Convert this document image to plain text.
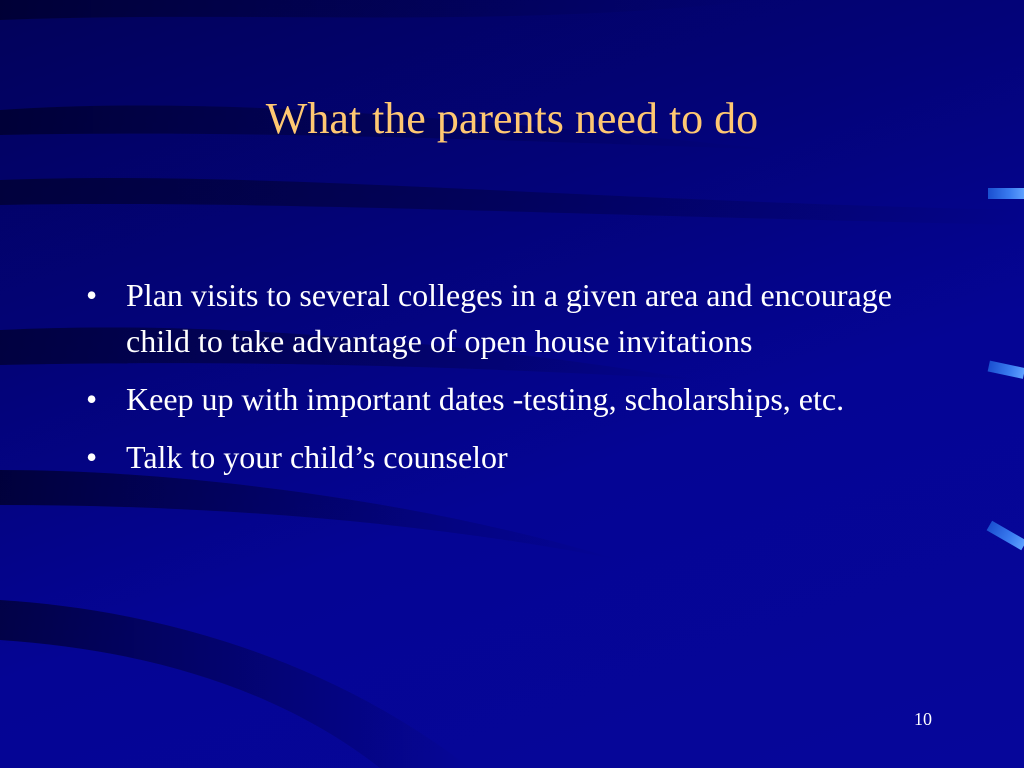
What the parents need to do
• Plan visits to several colleges in a given area and encourage child to take advantage of open house invitations
• Keep up with important dates -testing, scholarships, etc.
• Talk to your child’s counselor
10
